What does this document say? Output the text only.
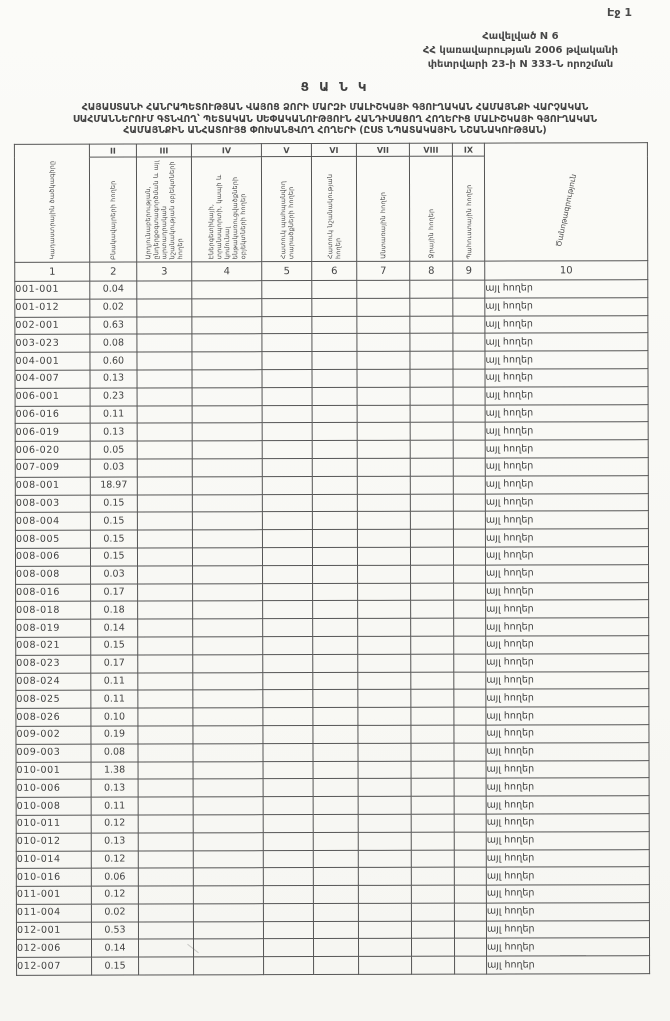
Էջ 1
Հավելված N 6
ՀՀ կառավարության 2006 թվականի
փետրվարի 23-ի N 333-Ն որոշման
Ց Ա Ն Կ
ՀԱՅԱՍՏԱՆԻ ՀԱՆՐԱՊԵՏՈՒԹՅԱՆ ՎԱՅՈՑ ՁՈՐԻ ՄԱՐԶԻ ՄԱԼԻՇԿԱՅԻ ԳՅՈՒՂԱԿԱՆ ՀԱՄԱՅՆՔԻ ՎԱՐՉԱԿԱՆ ՍԱՀՄԱՆՆԵՐՈՒՄ ԳՏՆՎՈՂ՝ ՊԵՏԱԿԱՆ ՍԵՓԱԿԱՆՈՒԹՅՈՒՆ ՀԱՆԴԻՍԱՑՈՂ ՀՈՂԵՐԻՑ ՄԱԼԻՇԿԱՅԻ ԳՅՈՒՂԱԿԱՆ ՀԱՄԱՅՆՔԻՆ ԱՆՀԱՏՈՒՅՑ ՓՈԽԱՆՑՎՈՂ ՀՈՂԵՐԻ (ԸՍՏ ՆՊԱՏԱԿԱՅԻՆ ՆՇԱՆԱԿՈՒԹՅԱՆ)
	II	III	IV	V	VI	VII	VIII	IX	

Կադաստրային ծածկագիրը	Բնակավայրերի հողեր	Արդյունաբերության, ընդերքօգտագործման և այլ արտադրական նշանակության օբյեկտների հողեր	Էներգետիկայի, տրանսպորտի, կապի և կոմունալ ենթակառուցվածքների օբյեկտների հողեր	Հատուկ պահպանվող տարածքների հողեր	Հատուկ նշանակության հողեր	Անտառային հողեր	Ջրային հողեր	Պահուստային հողեր	Ծանոթագրություն

1	2	3	4	5	6	7	8	9	10
001-001	0.04								այլ հողեր
001-012	0.02								այլ հողեր
002-001	0.63								այլ հողեր
003-023	0.08								այլ հողեր
004-001	0.60								այլ հողեր
004-007	0.13								այլ հողեր
006-001	0.23								այլ հողեր
006-016	0.11								այլ հողեր
006-019	0.13								այլ հողեր
006-020	0.05								այլ հողեր
007-009	0.03								այլ հողեր
008-001	18.97								այլ հողեր
008-003	0.15								այլ հողեր
008-004	0.15								այլ հողեր
008-005	0.15								այլ հողեր
008-006	0.15								այլ հողեր
008-008	0.03								այլ հողեր
008-016	0.17								այլ հողեր
008-018	0.18								այլ հողեր
008-019	0.14								այլ հողեր
008-021	0.15								այլ հողեր
008-023	0.17								այլ հողեր
008-024	0.11								այլ հողեր
008-025	0.11								այլ հողեր
008-026	0.10								այլ հողեր
009-002	0.19								այլ հողեր
009-003	0.08								այլ հողեր
010-001	1.38								այլ հողեր
010-006	0.13								այլ հողեր
010-008	0.11								այլ հողեր
010-011	0.12								այլ հողեր
010-012	0.13								այլ հողեր
010-014	0.12								այլ հողեր
010-016	0.06								այլ հողեր
011-001	0.12								այլ հողեր
011-004	0.02								այլ հողեր
012-001	0.53								այլ հողեր
012-006	0.14								այլ հողեր
012-007	0.15								այլ հողեր
